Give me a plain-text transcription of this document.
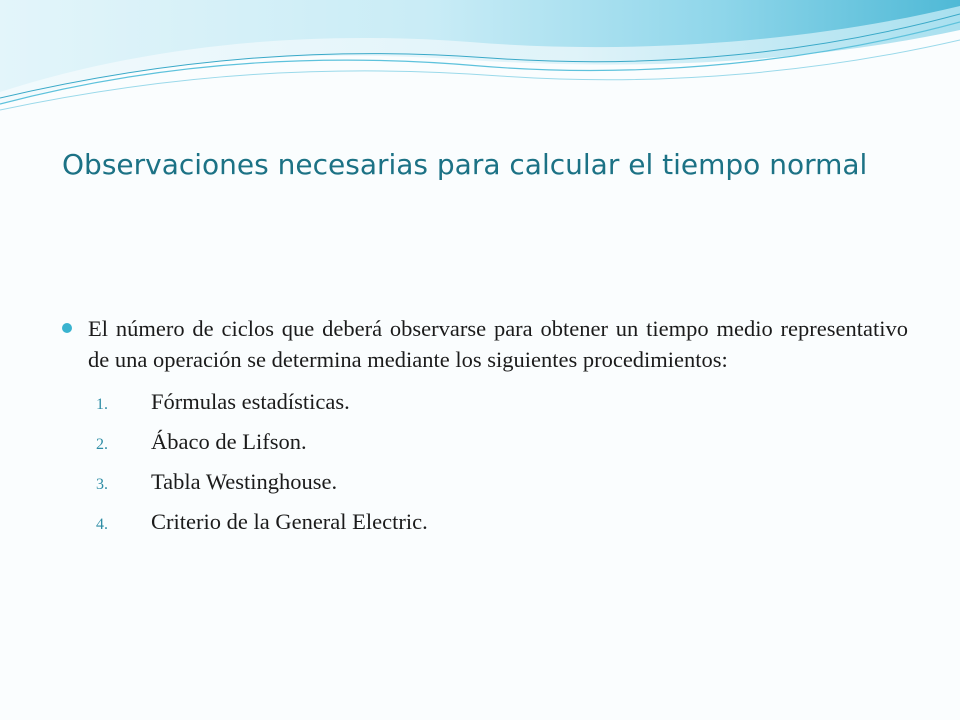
Observaciones necesarias para calcular el tiempo normal

El número de ciclos que deberá observarse para obtener un tiempo medio representativo de una operación se determina mediante los siguientes procedimientos:

1.	Fórmulas estadísticas.
2.	Ábaco de Lifson.
3.	Tabla Westinghouse.
4.	Criterio de la General Electric.
